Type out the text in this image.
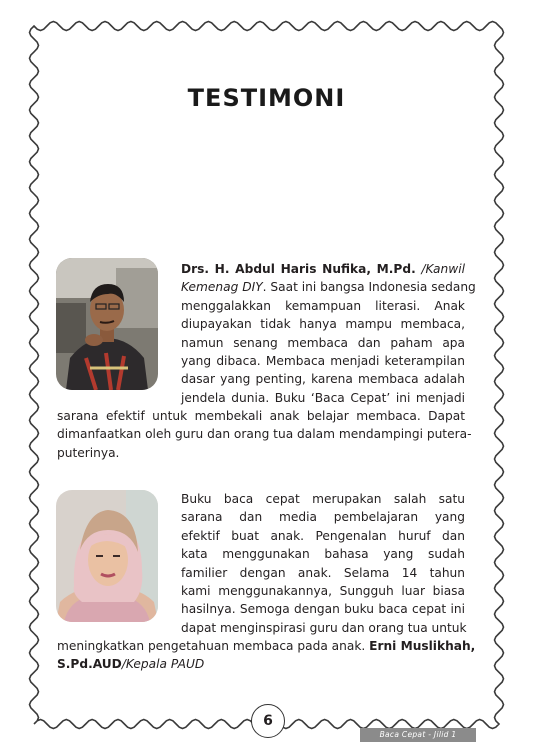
TESTIMONI
Drs. H. Abdul Haris Nufika, M.Pd. /Kanwil
Kemenag DIY. Saat ini bangsa Indonesia sedang
menggalakkan kemampuan literasi. Anak
diupayakan tidak hanya mampu membaca,
namun senang membaca dan paham apa
yang dibaca. Membaca menjadi keterampilan
dasar yang penting, karena membaca adalah
jendela dunia. Buku ‘Baca Cepat’ ini menjadi
sarana efektif untuk membekali anak belajar membaca. Dapat
dimanfaatkan oleh guru dan orang tua dalam mendampingi putera-
puterinya.
Buku baca cepat merupakan salah satu
sarana dan media pembelajaran yang
efektif buat anak. Pengenalan huruf dan
kata menggunakan bahasa yang sudah
familier dengan anak. Selama 14 tahun
kami menggunakannya, Sungguh luar biasa
hasilnya. Semoga dengan buku baca cepat ini
dapat menginspirasi guru dan orang tua untuk
meningkatkan pengetahuan membaca pada anak. Erni Muslikhah,
S.Pd.AUD/Kepala PAUD
6
Baca Cepat - Jilid 1
